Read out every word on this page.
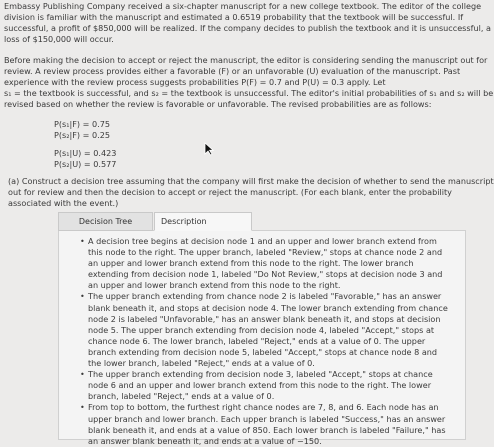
Embassy Publishing Company received a six-chapter manuscript for a new college textbook. The editor of the college
division is familiar with the manuscript and estimated a 0.6519 probability that the textbook will be successful. If
successful, a profit of $850,000 will be realized. If the company decides to publish the textbook and it is unsuccessful, a
loss of $150,000 will occur.
Before making the decision to accept or reject the manuscript, the editor is considering sending the manuscript out for
review. A review process provides either a favorable (F) or an unfavorable (U) evaluation of the manuscript. Past
experience with the review process suggests probabilities P(F) = 0.7 and P(U) = 0.3 apply. Let
s₁ = the textbook is successful, and s₂ = the textbook is unsuccessful. The editor's initial probabilities of s₁ and s₂ will be
revised based on whether the review is favorable or unfavorable. The revised probabilities are as follows:
P(s₁|F) = 0.75
P(s₂|F) = 0.25
P(s₁|U) = 0.423
P(s₂|U) = 0.577
(a) Construct a decision tree assuming that the company will first make the decision of whether to send the manuscript
out for review and then the decision to accept or reject the manuscript. (For each blank, enter the probability
associated with the event.)
Decision Tree	Description
• A decision tree begins at decision node 1 and an upper and lower branch extend from
this node to the right. The upper branch, labeled "Review," stops at chance node 2 and
an upper and lower branch extend from this node to the right. The lower branch
extending from decision node 1, labeled "Do Not Review," stops at decision node 3 and
an upper and lower branch extend from this node to the right.
• The upper branch extending from chance node 2 is labeled "Favorable," has an answer
blank beneath it, and stops at decision node 4. The lower branch extending from chance
node 2 is labeled "Unfavorable," has an answer blank beneath it, and stops at decision
node 5. The upper branch extending from decision node 4, labeled "Accept," stops at
chance node 6. The lower branch, labeled "Reject," ends at a value of 0. The upper
branch extending from decision node 5, labeled "Accept," stops at chance node 8 and
the lower branch, labeled "Reject," ends at a value of 0.
• The upper branch extending from decision node 3, labeled "Accept," stops at chance
node 6 and an upper and lower branch extend from this node to the right. The lower
branch, labeled "Reject," ends at a value of 0.
• From top to bottom, the furthest right chance nodes are 7, 8, and 6. Each node has an
upper branch and lower branch. Each upper branch is labeled "Success," has an answer
blank beneath it, and ends at a value of 850. Each lower branch is labeled "Failure," has
an answer blank beneath it, and ends at a value of −150.
